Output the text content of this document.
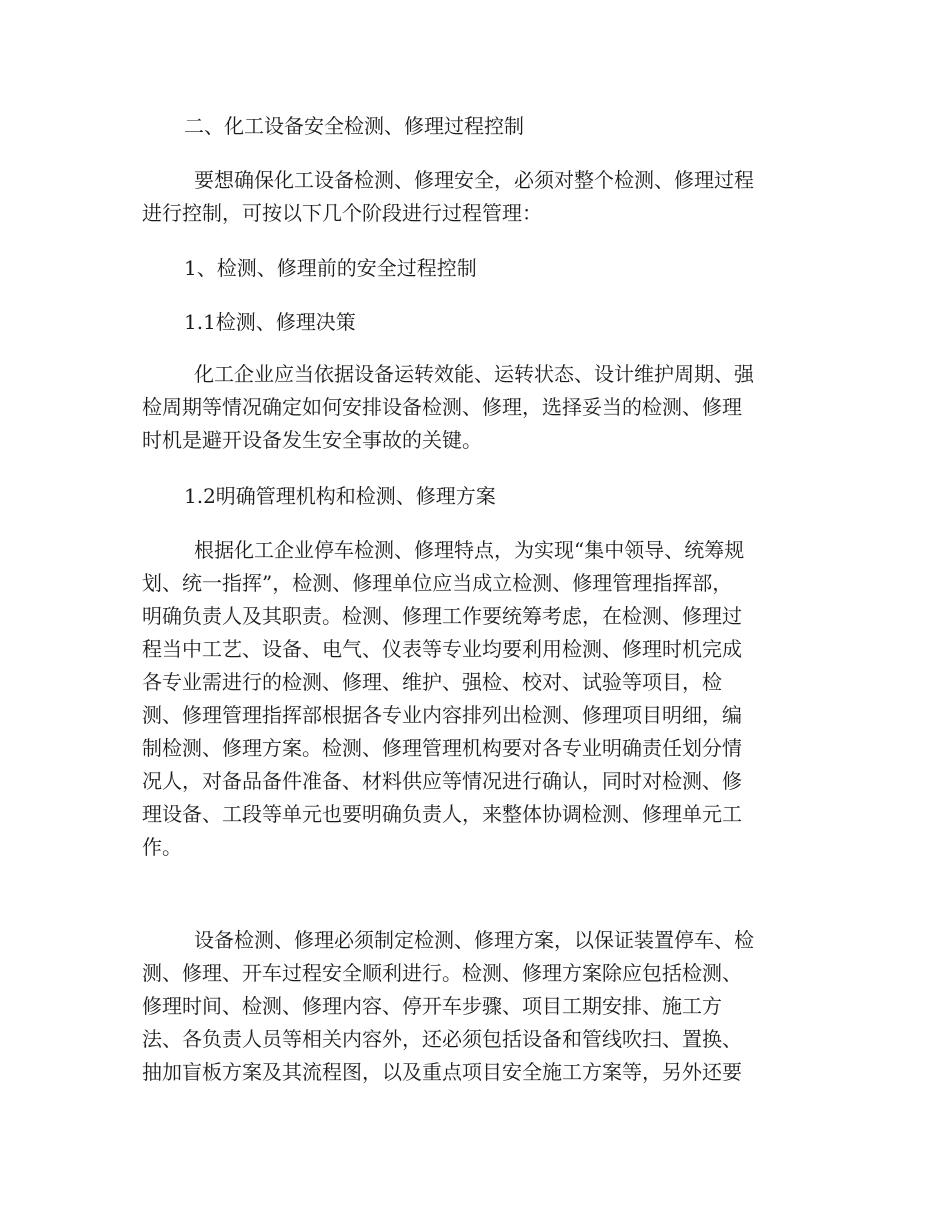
二、化工设备安全检测、修理过程控制
要想确保化工设备检测、修理安全，必须对整个检测、修理过程
进行控制，可按以下几个阶段进行过程管理：
1、检测、修理前的安全过程控制
1.1检测、修理决策
化工企业应当依据设备运转效能、运转状态、设计维护周期、强
检周期等情况确定如何安排设备检测、修理，选择妥当的检测、修理
时机是避开设备发生安全事故的关键。
1.2明确管理机构和检测、修理方案
根据化工企业停车检测、修理特点，为实现“集中领导、统筹规
划、统一指挥”，检测、修理单位应当成立检测、修理管理指挥部，
明确负责人及其职责。检测、修理工作要统筹考虑，在检测、修理过
程当中工艺、设备、电气、仪表等专业均要利用检测、修理时机完成
各专业需进行的检测、修理、维护、强检、校对、试验等项目，检
测、修理管理指挥部根据各专业内容排列出检测、修理项目明细，编
制检测、修理方案。检测、修理管理机构要对各专业明确责任划分情
况人，对备品备件准备、材料供应等情况进行确认，同时对检测、修
理设备、工段等单元也要明确负责人，来整体协调检测、修理单元工
作。
设备检测、修理必须制定检测、修理方案，以保证装置停车、检
测、修理、开车过程安全顺利进行。检测、修理方案除应包括检测、
修理时间、检测、修理内容、停开车步骤、项目工期安排、施工方
法、各负责人员等相关内容外，还必须包括设备和管线吹扫、置换、
抽加盲板方案及其流程图，以及重点项目安全施工方案等，另外还要
